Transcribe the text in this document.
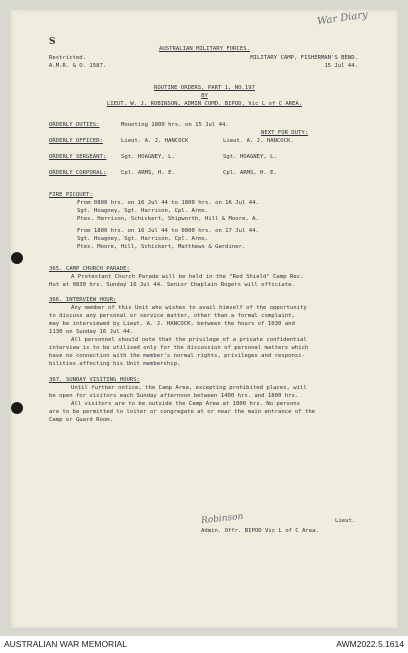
War Diary
S
AUSTRALIAN MILITARY FORCES.
Restricted.
A.M.R. & O. 1587.
MILITARY CAMP, FISHERMAN'S BEND.
15 Jul 44.
ROUTINE ORDERS, PART 1, NO.197
BY
LIEUT. W. J. ROBINSON, ADMIN COMD. BIPOD, Vic L of C AREA.
ORDERLY DUTIES:	Mounting 1800 hrs. on 15 Jul 44.
NEXT FOR DUTY:
ORDERLY OFFICER:	Lieut. A. J. HANCOCK	Lieut. A. J. HANCOCK.
ORDERLY SERGEANT:	Sgt. HOAGNEY, L.	Sgt. HOAGNEY, L.
ORDERLY CORPORAL:	Cpl. ARMS, H. E.	Cpl. ARMS, H. E.
FIRE PICQUET:
From 0800 hrs. on 16 Jul 44 to 1800 hrs. on 16 Jul 44.
Sgt. Hoagney, Sgt. Harrison, Cpl. Arms.
Ptes. Harrison, Schickert, Shipworth, Hill & Moore, A.
From 1800 hrs. on 16 Jul 44 to 0800 hrs. on 17 Jul 44.
Sgt. Hoagney, Sgt. Harrison, Cpl. Arms.
Ptes. Moore, Hill, Schickert, Matthews & Gardiner.
365. CAMP CHURCH PARADE:
A Protestant Church Parade will be held in the "Red Shield" Camp Rec.
Hut at 0830 hrs. Sunday 16 Jul 44. Senior Chaplain Rogers will officiate.
366. INTERVIEW HOUR:
Any member of this Unit who wishes to avail himself of the opportunity
to discuss any personal or service matter, other than a formal complaint,
may be interviewed by Lieut. A. J. HANCOCK, between the hours of 1030 and
1130 on Sunday 16 Jul 44.
All personnel should note that the privilege of a private confidential
interview is to be utilised only for the discussion of personal matters which
have no connection with the member's normal rights, privileges and responsi-
bilities affecting his Unit membership.
367. SUNDAY VISITING HOURS:
Until further notice, the Camp Area, excepting prohibited places, will
be open for visitors each Sunday afternoon between 1400 hrs. and 1800 hrs.
All visitors are to be outside the Camp Area at 1800 hrs. No persons
are to be permitted to loiter or congregate at or near the main entrance of the
Camp or Guard Room.
Robinson	Lieut.
Admin. Offr. BIPOD Vic L of C Area.
AUSTRALIAN WAR MEMORIAL	AWM2022.5.1614
